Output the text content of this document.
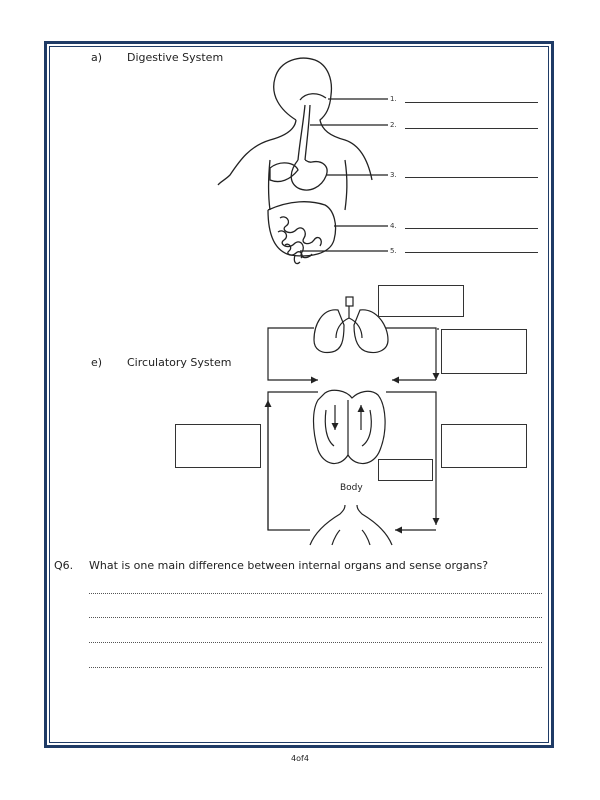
a) Digestive System
1.
2.
3.
4.
5.
e) Circulatory System
Body
Q6. What is one main difference between internal organs and sense organs?
4of4
